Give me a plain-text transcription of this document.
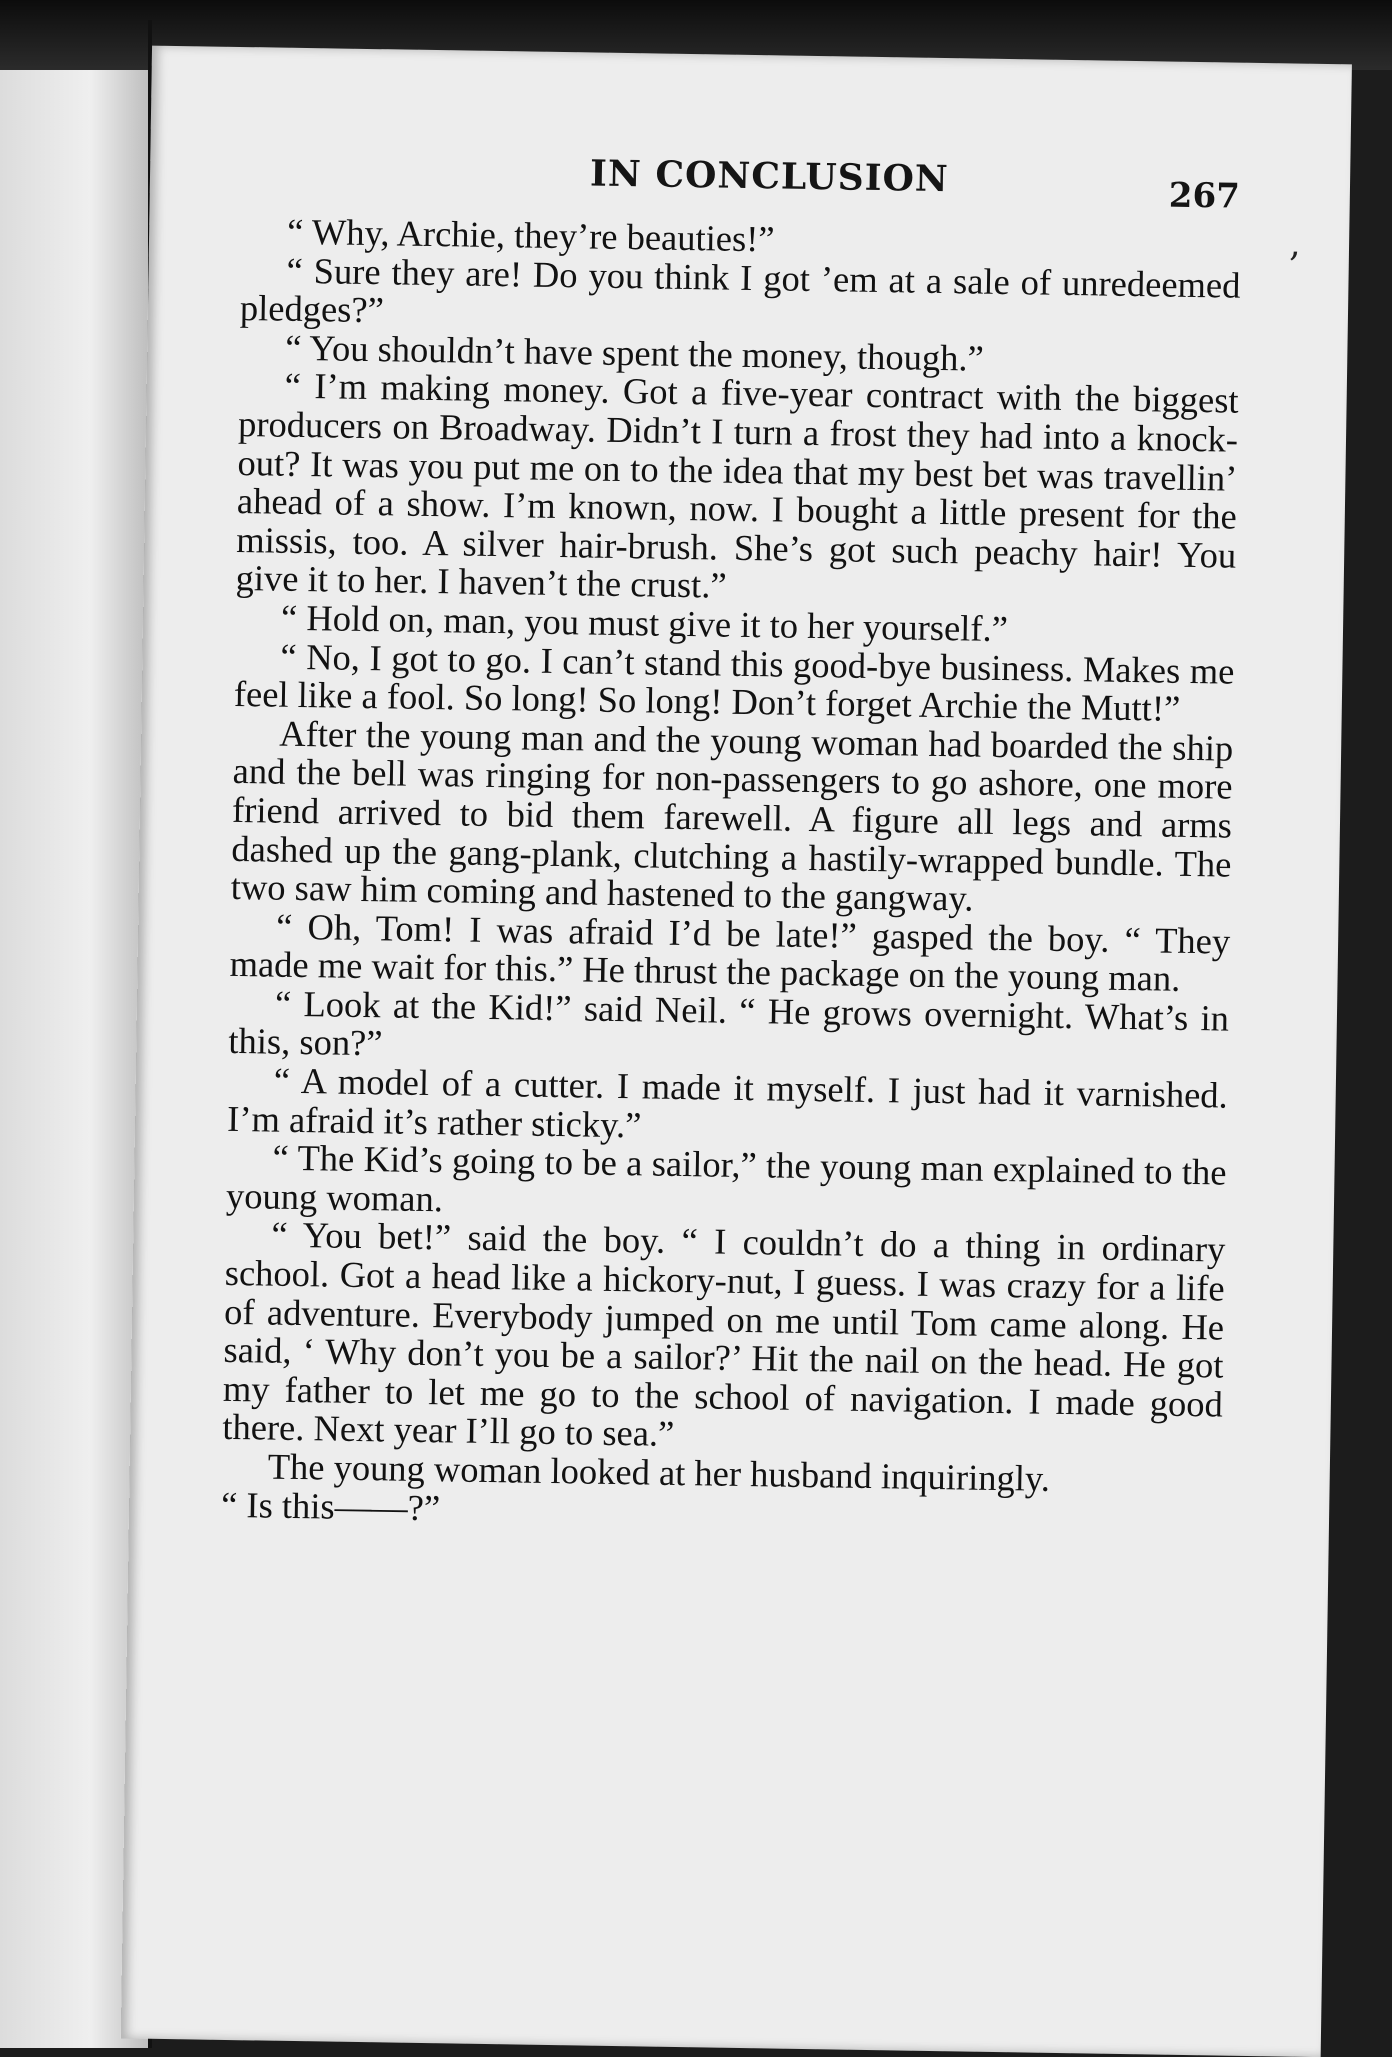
IN CONCLUSION	267
‚

“ Why, Archie, they’re beauties!”

“ Sure they are! Do you think I got ’em at a sale of unredeemed pledges?”

“ You shouldn’t have spent the money, though.”

“ I’m making money. Got a five-year contract with the biggest producers on Broadway. Didn’t I turn a frost they had into a knock-out? It was you put me on to the idea that my best bet was travellin’ ahead of a show. I’m known, now. I bought a little present for the missis, too. A silver hair-brush. She’s got such peachy hair! You give it to her. I haven’t the crust.”

“ Hold on, man, you must give it to her yourself.”

“ No, I got to go. I can’t stand this good-bye business. Makes me feel like a fool. So long! So long! Don’t forget Archie the Mutt!”

After the young man and the young woman had boarded the ship and the bell was ringing for non-passengers to go ashore, one more friend arrived to bid them farewell. A figure all legs and arms dashed up the gang-plank, clutching a hastily-wrapped bundle. The two saw him coming and hastened to the gangway.

“ Oh, Tom! I was afraid I’d be late!” gasped the boy. “ They made me wait for this.” He thrust the package on the young man.

“ Look at the Kid!” said Neil. “ He grows overnight. What’s in this, son?”

“ A model of a cutter. I made it myself. I just had it varnished. I’m afraid it’s rather sticky.”

“ The Kid’s going to be a sailor,” the young man explained to the young woman.

“ You bet!” said the boy. “ I couldn’t do a thing in ordinary school. Got a head like a hickory-nut, I guess. I was crazy for a life of adventure. Everybody jumped on me until Tom came along. He said, ‘ Why don’t you be a sailor?’ Hit the nail on the head. He got my father to let me go to the school of navigation. I made good there. Next year I’ll go to sea.”

The young woman looked at her husband inquiringly.

“ Is this——?”
